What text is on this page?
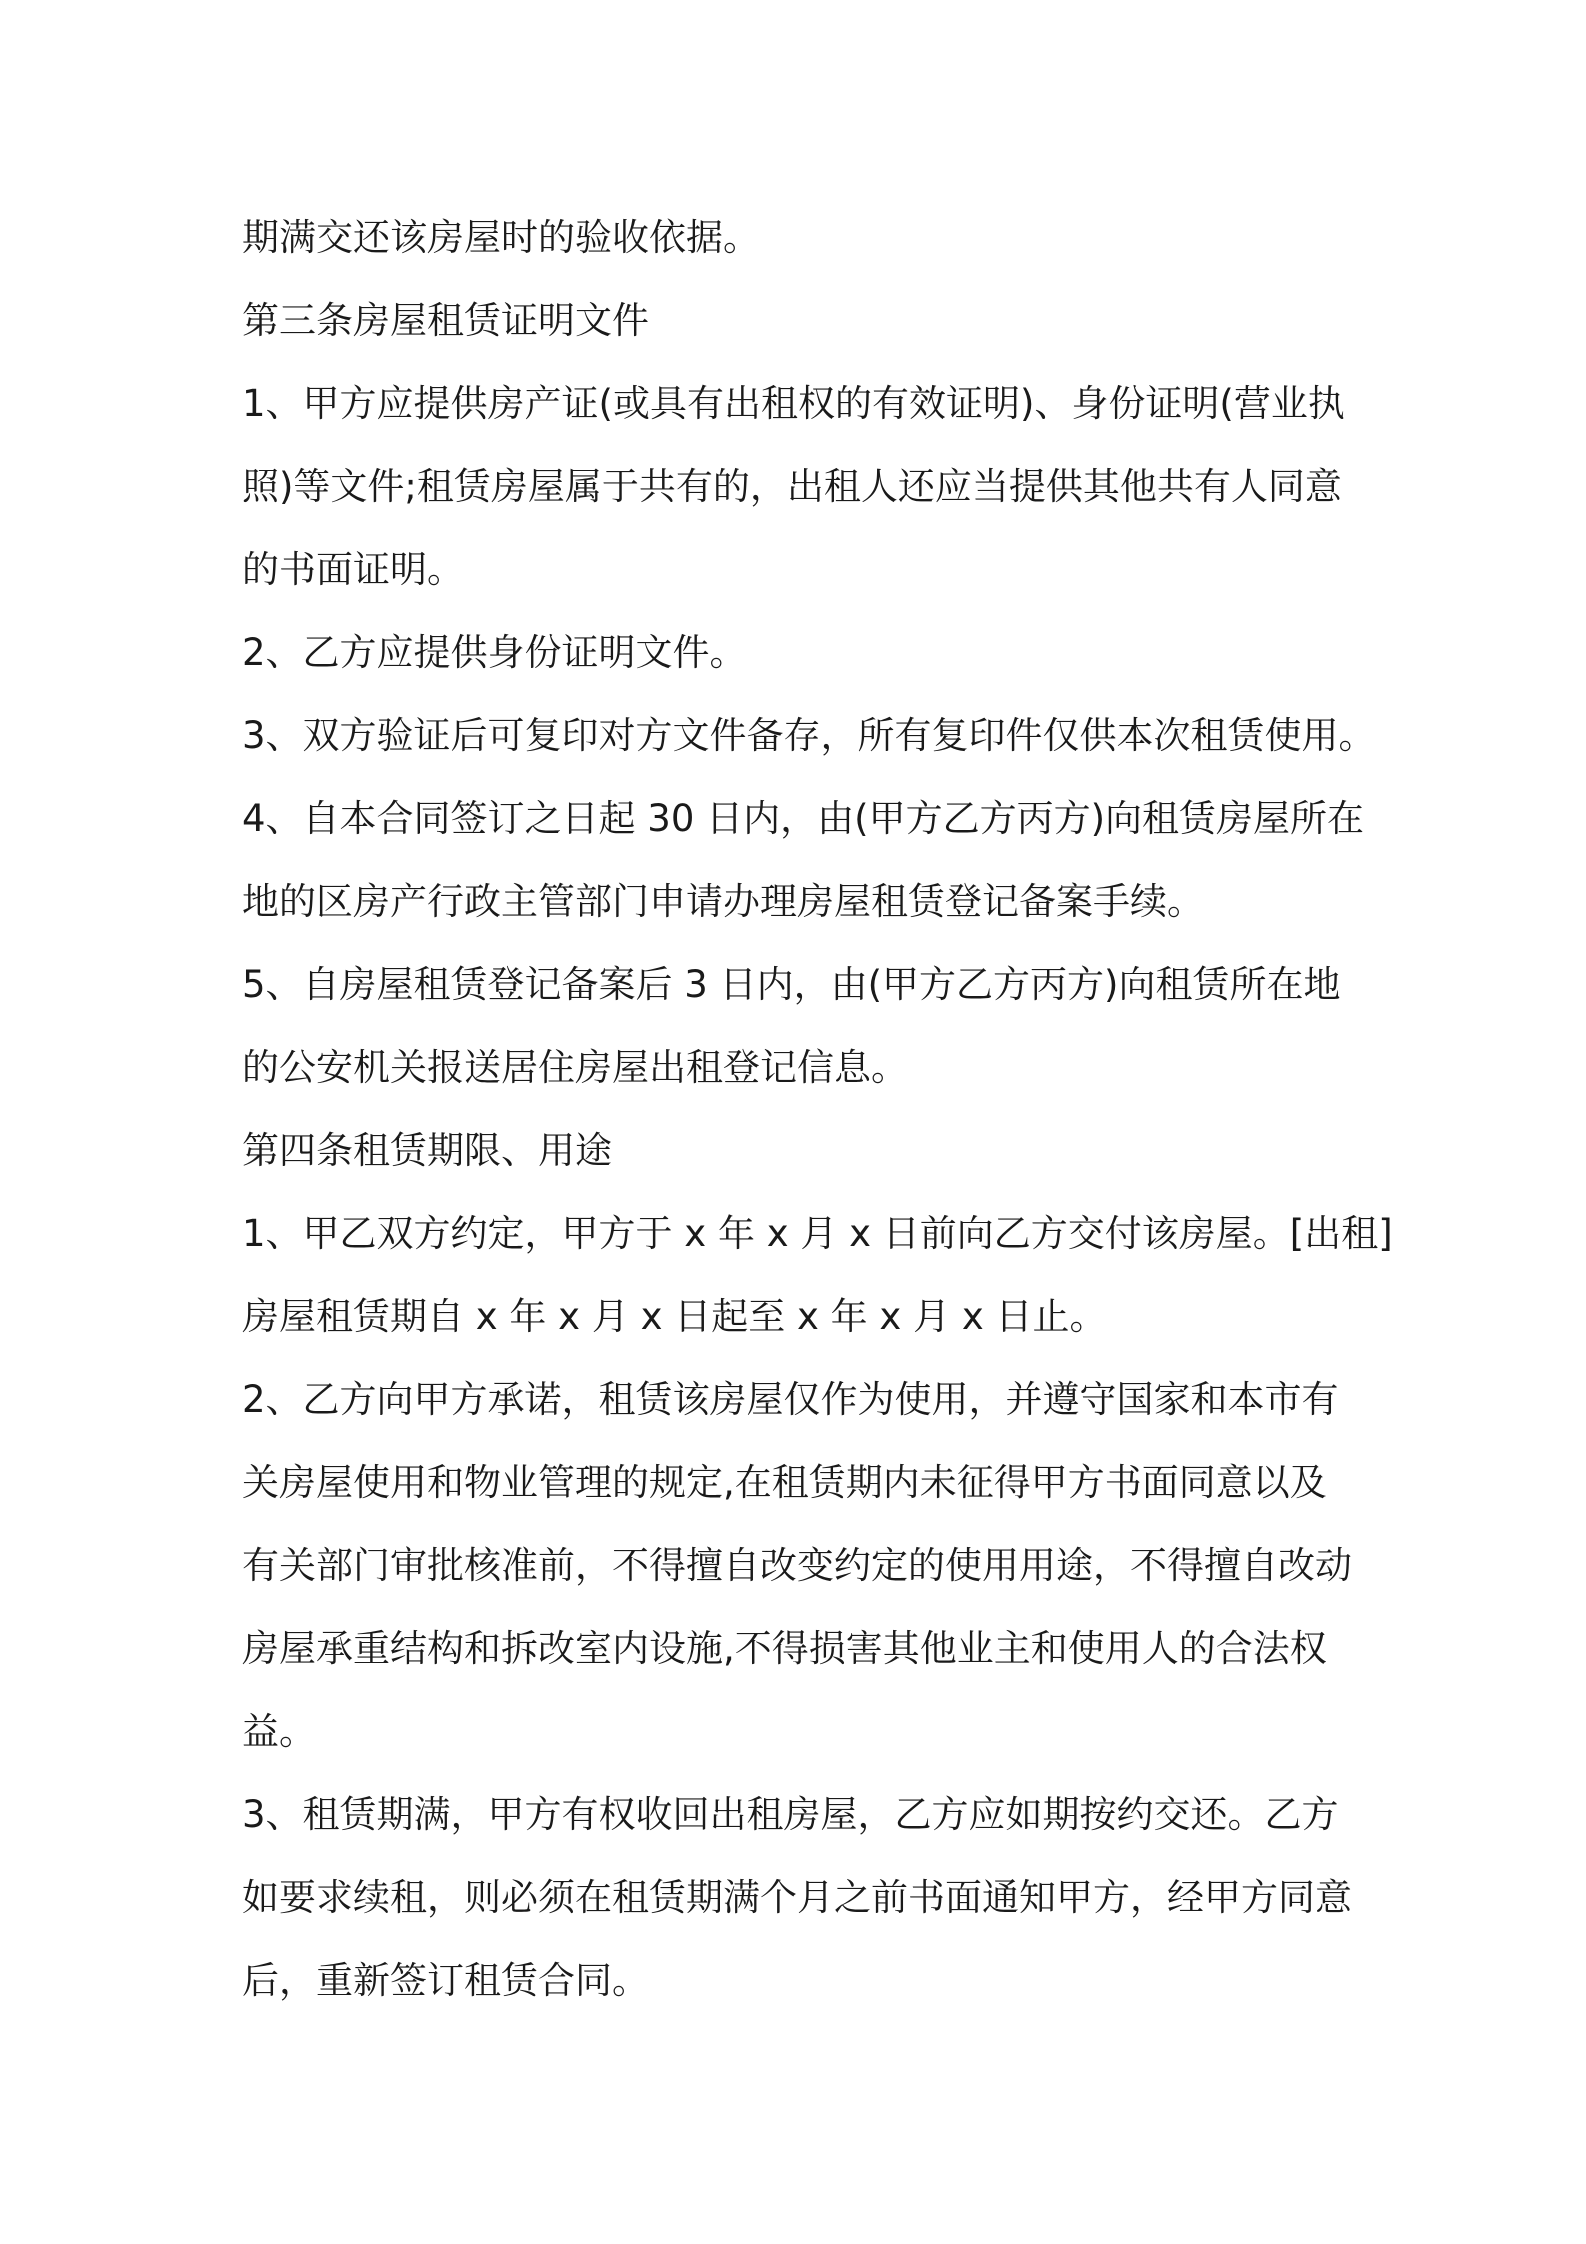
期满交还该房屋时的验收依据。
第三条房屋租赁证明文件
1、甲方应提供房产证(或具有出租权的有效证明)、身份证明(营业执
照)等文件;租赁房屋属于共有的，出租人还应当提供其他共有人同意
的书面证明。
2、乙方应提供身份证明文件。
3、双方验证后可复印对方文件备存，所有复印件仅供本次租赁使用。
4、自本合同签订之日起 30 日内，由(甲方乙方丙方)向租赁房屋所在
地的区房产行政主管部门申请办理房屋租赁登记备案手续。
5、自房屋租赁登记备案后 3 日内，由(甲方乙方丙方)向租赁所在地
的公安机关报送居住房屋出租登记信息。
第四条租赁期限、用途
1、甲乙双方约定，甲方于 x 年 x 月 x 日前向乙方交付该房屋。[出租]
房屋租赁期自 x 年 x 月 x 日起至 x 年 x 月 x 日止。
2、乙方向甲方承诺，租赁该房屋仅作为使用，并遵守国家和本市有
关房屋使用和物业管理的规定,在租赁期内未征得甲方书面同意以及
有关部门审批核准前，不得擅自改变约定的使用用途，不得擅自改动
房屋承重结构和拆改室内设施,不得损害其他业主和使用人的合法权
益。
3、租赁期满，甲方有权收回出租房屋，乙方应如期按约交还。乙方
如要求续租，则必须在租赁期满个月之前书面通知甲方，经甲方同意
后，重新签订租赁合同。
